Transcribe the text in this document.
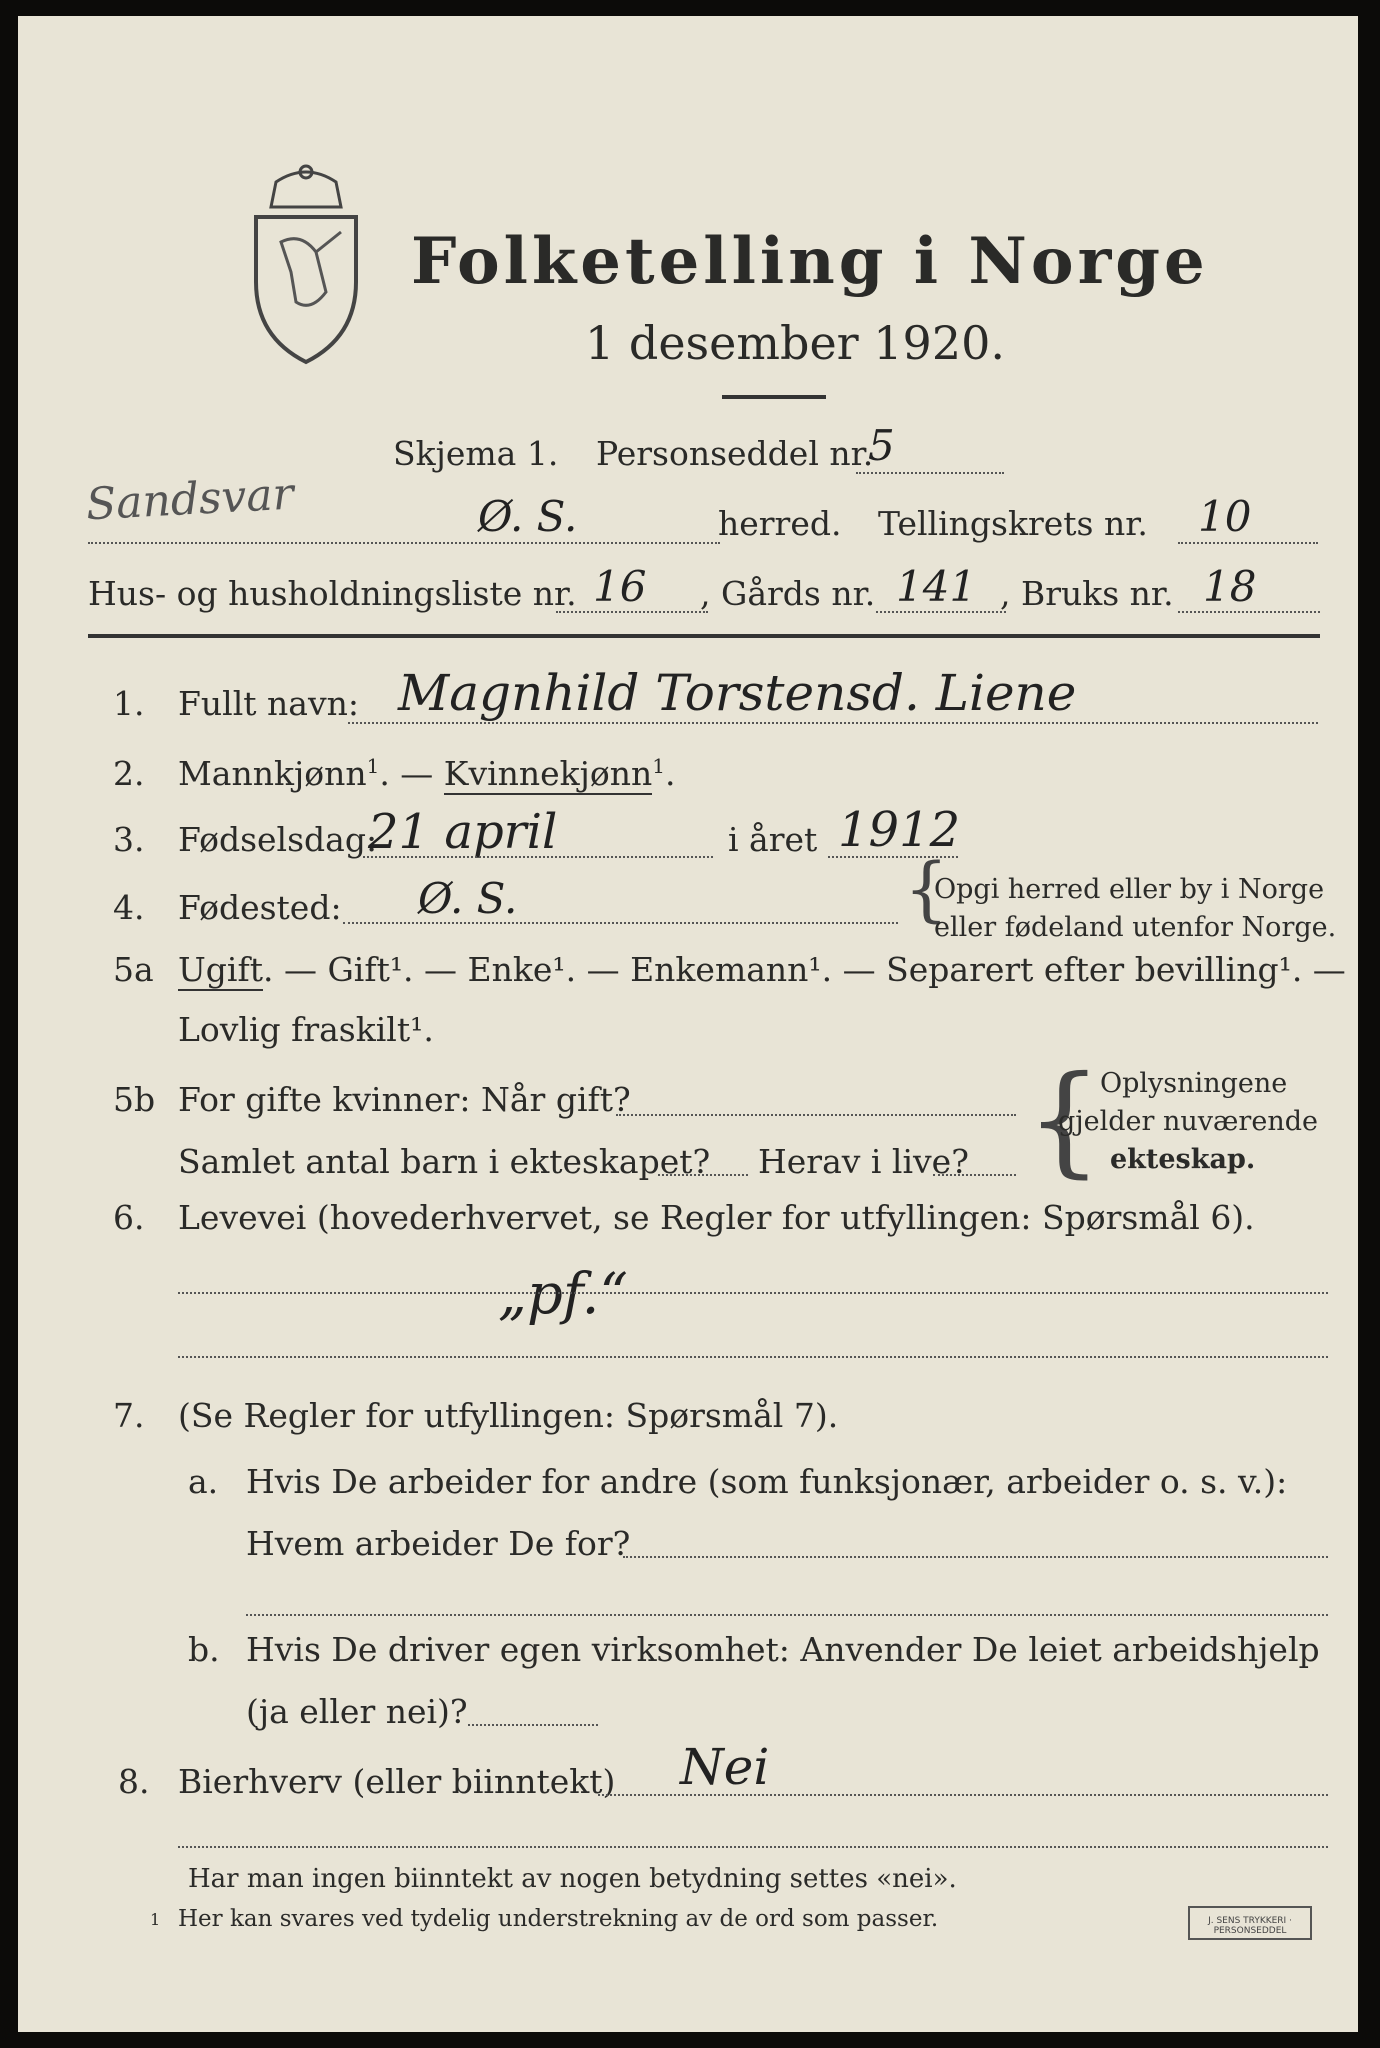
Folketelling i Norge
1 desember 1920.
Skjema 1. Personseddel nr.
5
Sandsvar	Ø. S.	herred. Tellingskrets nr. 10
Hus- og husholdningsliste nr. 16 , Gårds nr. 141 , Bruks nr. 18
1. Fullt navn: Magnhild Torstensd. Liene
2. Mannkjønn$^1$. — Kvinnekjønn$^1$.
3. Fødselsdag:
21 april	i året 1912
4. Fødested: Ø. S.	{
Opgi herred eller by i Norge
eller fødeland utenfor Norge.
5a Ugift. — Gift¹. — Enke¹. — Enkemann¹. — Separert efter bevilling¹. —
Lovlig fraskilt¹.
5b For gifte kvinner: Når gift?
Samlet antal barn i ekteskapet? Herav i live? {
Oplysningene
gjelder nuværende
ekteskap.
6. Levevei (hovederhvervet, se Regler for utfyllingen: Spørsmål 6).
„pf.“
7. (Se Regler for utfyllingen: Spørsmål 7).
a. Hvis De arbeider for andre (som funksjonær, arbeider o. s. v.):
Hvem arbeider De for?
b. Hvis De driver egen virksomhet: Anvender De leiet arbeidshjelp
(ja eller nei)?
8. Bierhverv (eller biinntekt) Nei
Har man ingen biinntekt av nogen betydning settes «nei».
1 Her kan svares ved tydelig understrekning av de ord som passer.	J. SENS TRYKKERI · PERSONSEDDEL
